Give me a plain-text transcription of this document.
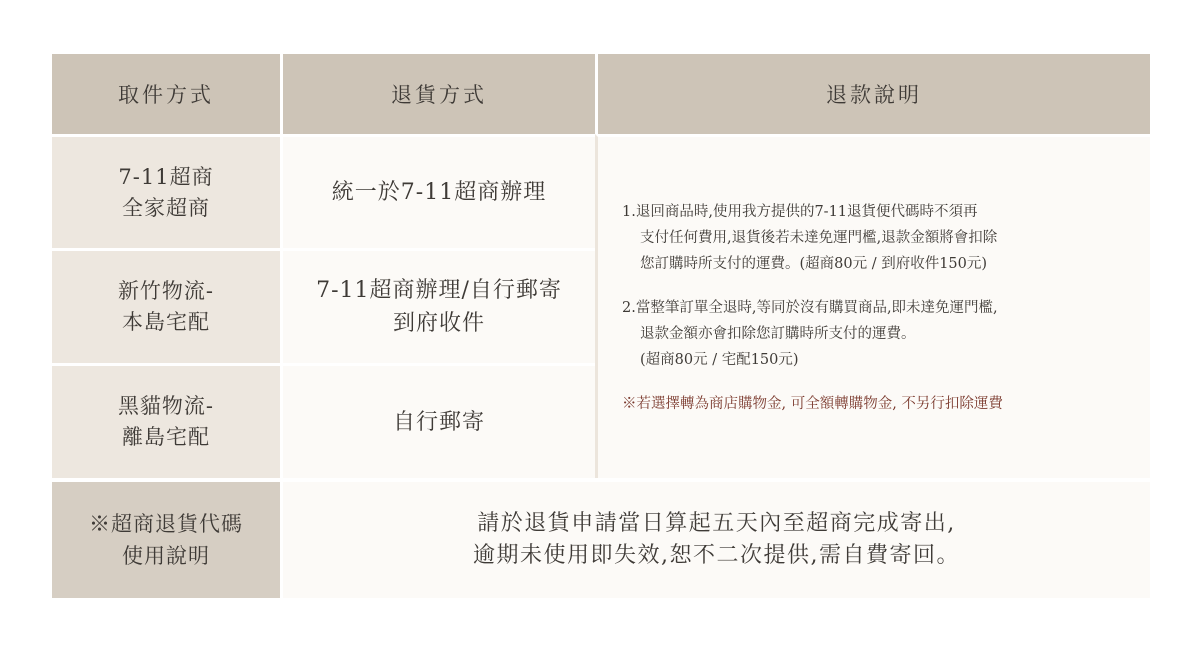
取件方式	退貨方式	退款說明
7-11超商
全家超商
統一於7-11超商辦理
1.退回商品時,使用我方提供的7-11退貨便代碼時不須再
支付任何費用,退貨後若未達免運門檻,退款金額將會扣除
您訂購時所支付的運費。(超商80元 / 到府收件150元)
2.當整筆訂單全退時,等同於沒有購買商品,即未達免運門檻,
退款金額亦會扣除您訂購時所支付的運費。
(超商80元 / 宅配150元)
※若選擇轉為商店購物金, 可全額轉購物金, 不另行扣除運費
新竹物流-
本島宅配
7-11超商辦理/自行郵寄
到府收件
黑貓物流-
離島宅配
自行郵寄
※超商退貨代碼
使用說明
請於退貨申請當日算起五天內至超商完成寄出,
逾期未使用即失效,恕不二次提供,需自費寄回。
